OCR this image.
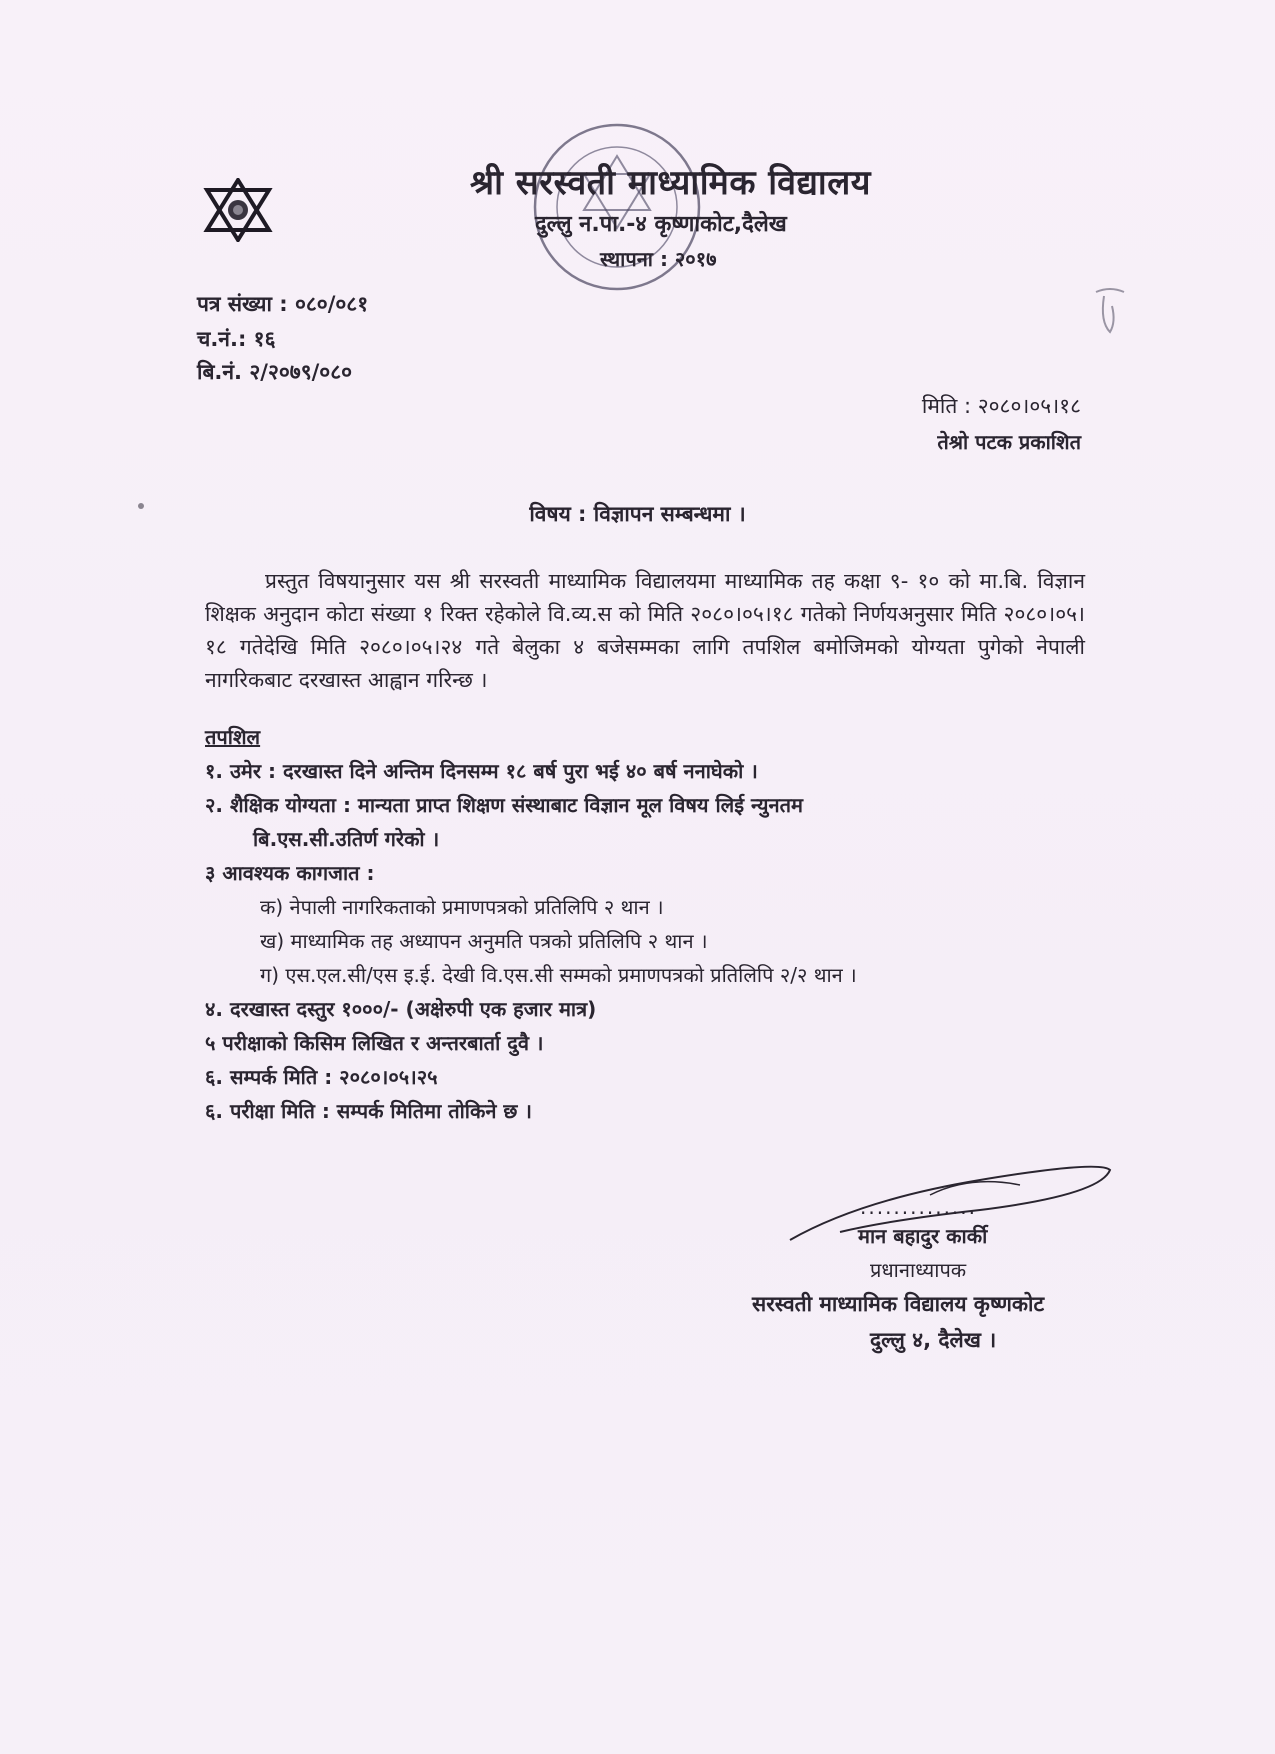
श्री सरस्वती माध्यामिक विद्यालय
दुल्लु न.पा.-४ कृष्णाकोट,दैलेख
स्थापना : २०१७
पत्र संख्या : ०८०/०८१
च.नं.: १६
बि.नं. २/२०७९/०८०
मिति : २०८०।०५।१८
तेश्रो पटक प्रकाशित
विषय : विज्ञापन सम्बन्धमा ।
प्रस्तुत विषयानुसार यस श्री सरस्वती माध्यामिक विद्यालयमा माध्यामिक तह कक्षा ९- १० को मा.बि. विज्ञान शिक्षक अनुदान कोटा संख्या १ रिक्त रहेकोले वि.व्य.स को मिति २०८०।०५।१८ गतेको निर्णयअनुसार मिति २०८०।०५।१८ गतेदेखि मिति २०८०।०५।२४ गते बेलुका ४ बजेसम्मका लागि तपशिल बमोजिमको योग्यता पुगेको नेपाली नागरिकबाट दरखास्त आह्वान गरिन्छ ।
तपशिल
१. उमेर : दरखास्त दिने अन्तिम दिनसम्म १८ बर्ष पुरा भई ४० बर्ष ननाघेको ।
२. शैक्षिक योग्यता : मान्यता प्राप्त शिक्षण संस्थाबाट विज्ञान मूल विषय लिई न्युनतम
बि.एस.सी.उतिर्ण गरेको ।
३ आवश्यक कागजात :
क) नेपाली नागरिकताको प्रमाणपत्रको प्रतिलिपि २ थान ।
ख) माध्यामिक तह अध्यापन अनुमति पत्रको प्रतिलिपि २ थान ।
ग) एस.एल.सी/एस इ.ई. देखी वि.एस.सी सम्मको प्रमाणपत्रको प्रतिलिपि २/२ थान ।
४. दरखास्त दस्तुर १०००/- (अक्षेरुपी एक हजार मात्र)
५ परीक्षाको किसिम लिखित र अन्तरबार्ता दुवै ।
६. सम्पर्क मिति : २०८०।०५।२५
६. परीक्षा मिति : सम्पर्क मितिमा तोकिने छ ।
..............
मान बहादुर कार्की
प्रधानाध्यापक
सरस्वती माध्यामिक विद्यालय कृष्णकोट
दुल्लु ४, दैलेख ।
